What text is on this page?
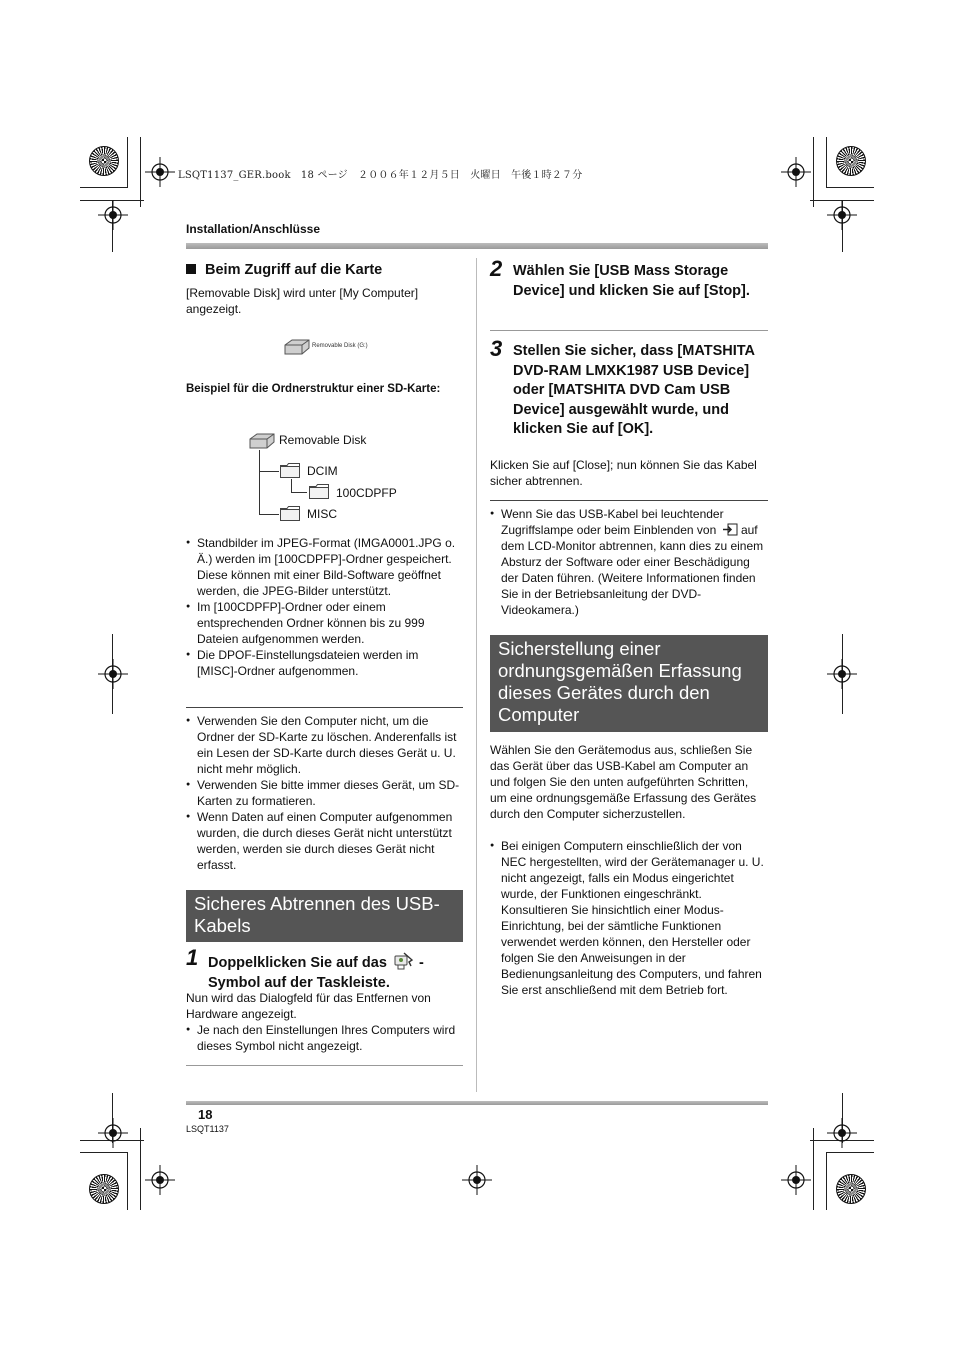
LSQT1137_GER.book　18 ページ　２００６年１２月５日　火曜日　午後１時２７分
Installation/Anschlüsse
Beim Zugriff auf die Karte
[Removable Disk] wird unter [My Computer] angezeigt.
Removable Disk (G:)
Beispiel für die Ordnerstruktur einer SD-Karte:
Removable Disk
DCIM
100CDPFP
MISC
● Standbilder im JPEG-Format (IMGA0001.JPG o. Ä.) werden im [100CDPFP]-Ordner gespeichert.
Diese können mit einer Bild-Software geöffnet werden, die JPEG-Bilder unterstützt.
● Im [100CDPFP]-Ordner oder einem entsprechenden Ordner können bis zu 999 Dateien aufgenommen werden.
● Die DPOF-Einstellungsdateien werden im [MISC]-Ordner aufgenommen.
● Verwenden Sie den Computer nicht, um die Ordner der SD-Karte zu löschen. Anderenfalls ist ein Lesen der SD-Karte durch dieses Gerät u. U. nicht mehr möglich.
● Verwenden Sie bitte immer dieses Gerät, um SD-Karten zu formatieren.
● Wenn Daten auf einen Computer aufgenommen wurden, die durch dieses Gerät nicht unterstützt werden, werden sie durch dieses Gerät nicht erfasst.
Sicheres Abtrennen des USB-Kabels
1 Doppelklicken Sie auf das -
Symbol auf der Taskleiste.
Nun wird das Dialogfeld für das Entfernen von Hardware angezeigt.
● Je nach den Einstellungen Ihres Computers wird dieses Symbol nicht angezeigt.
2 Wählen Sie [USB Mass Storage Device] und klicken Sie auf [Stop].
3 Stellen Sie sicher, dass [MATSHITA DVD-RAM LMXK1987 USB Device] oder [MATSHITA DVD Cam USB Device] ausgewählt wurde, und klicken Sie auf [OK].
Klicken Sie auf [Close]; nun können Sie das Kabel sicher abtrennen.
● Wenn Sie das USB-Kabel bei leuchtender Zugriffslampe oder beim Einblenden von auf dem LCD-Monitor abtrennen, kann dies zu einem Absturz der Software oder einer Beschädigung der Daten führen. (Weitere Informationen finden Sie in der Betriebsanleitung der DVD-Videokamera.)
Sicherstellung einer ordnungsgemäßen Erfassung dieses Gerätes durch den Computer
Wählen Sie den Gerätemodus aus, schließen Sie das Gerät über das USB-Kabel am Computer an und folgen Sie den unten aufgeführten Schritten, um eine ordnungsgemäße Erfassung des Gerätes durch den Computer sicherzustellen.
● Bei einigen Computern einschließlich der von NEC hergestellten, wird der Gerätemanager u. U. nicht angezeigt, falls ein Modus eingerichtet wurde, der Funktionen eingeschränkt. Konsultieren Sie hinsichtlich einer Modus-Einrichtung, bei der sämtliche Funktionen verwendet werden können, den Hersteller oder folgen Sie den Anweisungen in der Bedienungsanleitung des Computers, und fahren Sie erst anschließend mit dem Betrieb fort.
18
LSQT1137
